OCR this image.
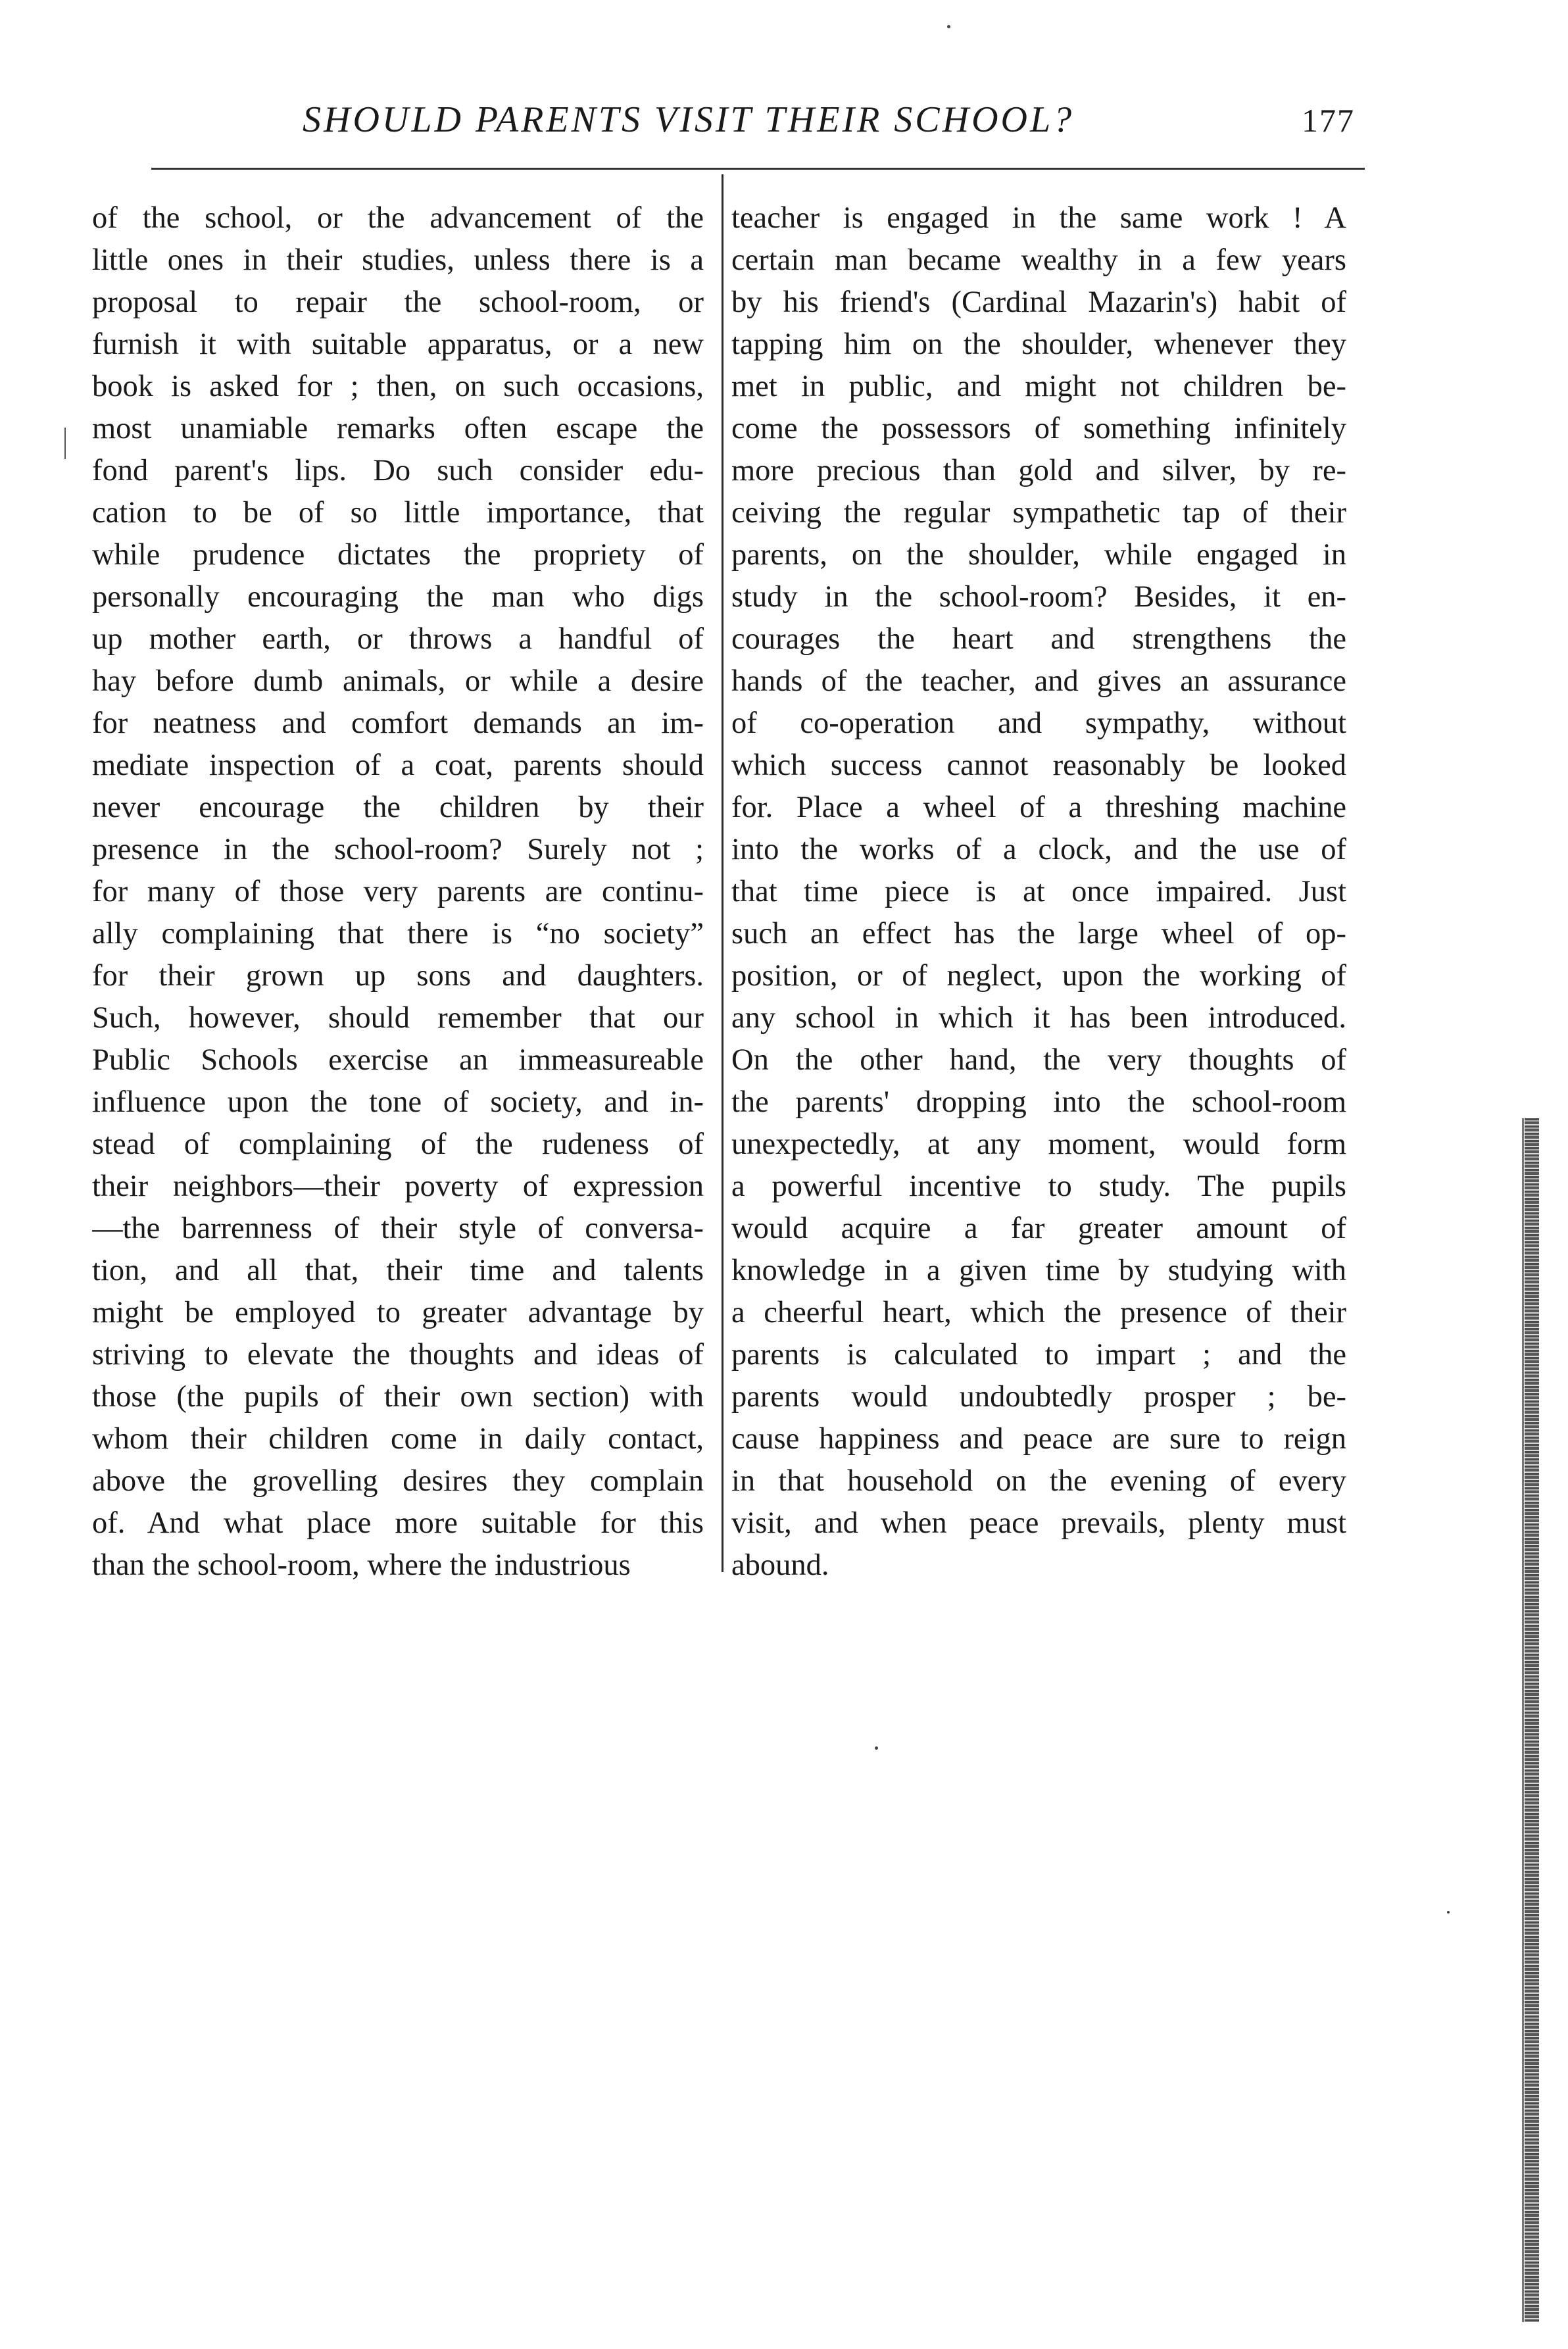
SHOULD PARENTS VISIT THEIR SCHOOL?	177
of the school, or the advancement of the
little ones in their studies, unless there is a
proposal to repair the school-room, or
furnish it with suitable apparatus, or a new
book is asked for ; then, on such occasions,
most unamiable remarks often escape the
fond parent's lips. Do such consider edu-
cation to be of so little importance, that
while prudence dictates the propriety of
personally encouraging the man who digs
up mother earth, or throws a handful of
hay before dumb animals, or while a desire
for neatness and comfort demands an im-
mediate inspection of a coat, parents should
never encourage the children by their
presence in the school-room? Surely not ;
for many of those very parents are continu-
ally complaining that there is “no society”
for their grown up sons and daughters.
Such, however, should remember that our
Public Schools exercise an immeasureable
influence upon the tone of society, and in-
stead of complaining of the rudeness of
their neighbors—their poverty of expression
—the barrenness of their style of conversa-
tion, and all that, their time and talents
might be employed to greater advantage by
striving to elevate the thoughts and ideas of
those (the pupils of their own section) with
whom their children come in daily contact,
above the grovelling desires they complain
of. And what place more suitable for this
than the school-room, where the industrious
teacher is engaged in the same work ! A
certain man became wealthy in a few years
by his friend's (Cardinal Mazarin's) habit of
tapping him on the shoulder, whenever they
met in public, and might not children be-
come the possessors of something infinitely
more precious than gold and silver, by re-
ceiving the regular sympathetic tap of their
parents, on the shoulder, while engaged in
study in the school-room? Besides, it en-
courages the heart and strengthens the
hands of the teacher, and gives an assurance
of co-operation and sympathy, without
which success cannot reasonably be looked
for. Place a wheel of a threshing machine
into the works of a clock, and the use of
that time piece is at once impaired. Just
such an effect has the large wheel of op-
position, or of neglect, upon the working of
any school in which it has been introduced.
On the other hand, the very thoughts of
the parents' dropping into the school-room
unexpectedly, at any moment, would form
a powerful incentive to study. The pupils
would acquire a far greater amount of
knowledge in a given time by studying with
a cheerful heart, which the presence of their
parents is calculated to impart ; and the
parents would undoubtedly prosper ; be-
cause happiness and peace are sure to reign
in that household on the evening of every
visit, and when peace prevails, plenty must
abound.
